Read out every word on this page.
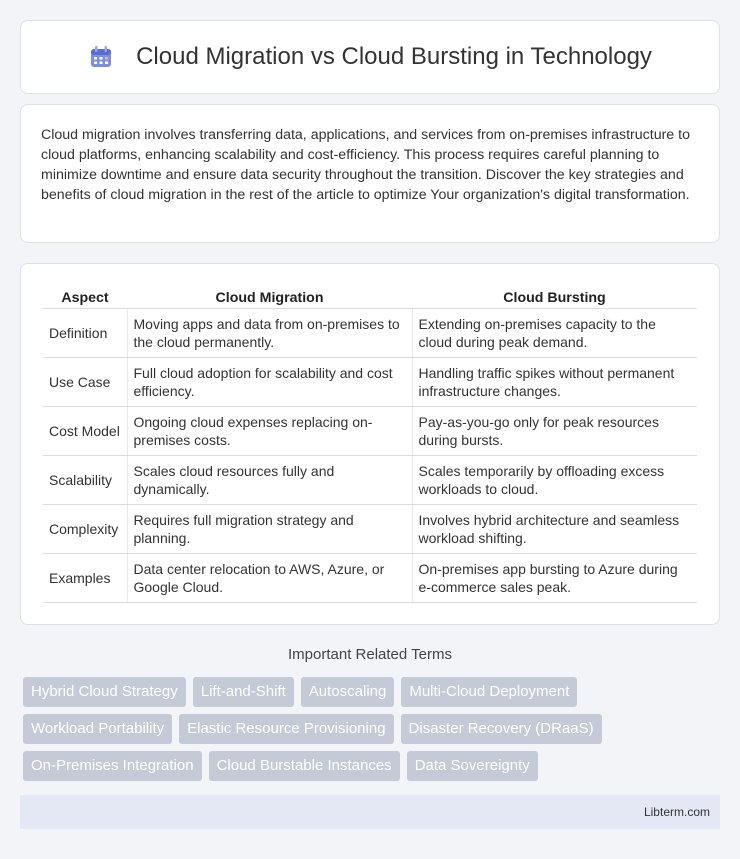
Cloud Migration vs Cloud Bursting in Technology

Cloud migration involves transferring data, applications, and services from on-premises infrastructure to cloud platforms, enhancing scalability and cost-efficiency. This process requires careful planning to minimize downtime and ensure data security throughout the transition. Discover the key strategies and benefits of cloud migration in the rest of the article to optimize Your organization's digital transformation.

Aspect	Cloud Migration	Cloud Bursting
Definition	Moving apps and data from on-premises to the cloud permanently.	Extending on-premises capacity to the cloud during peak demand.
Use Case	Full cloud adoption for scalability and cost efficiency.	Handling traffic spikes without permanent infrastructure changes.
Cost Model	Ongoing cloud expenses replacing on-premises costs.	Pay-as-you-go only for peak resources during bursts.
Scalability	Scales cloud resources fully and dynamically.	Scales temporarily by offloading excess workloads to cloud.
Complexity	Requires full migration strategy and planning.	Involves hybrid architecture and seamless workload shifting.
Examples	Data center relocation to AWS, Azure, or Google Cloud.	On-premises app bursting to Azure during e-commerce sales peak.
Important Related Terms
Hybrid Cloud Strategy	Lift-and-Shift	Autoscaling	Multi-Cloud Deployment
Workload Portability	Elastic Resource Provisioning	Disaster Recovery (DRaaS)
On-Premises Integration	Cloud Burstable Instances	Data Sovereignty
Libterm.com
